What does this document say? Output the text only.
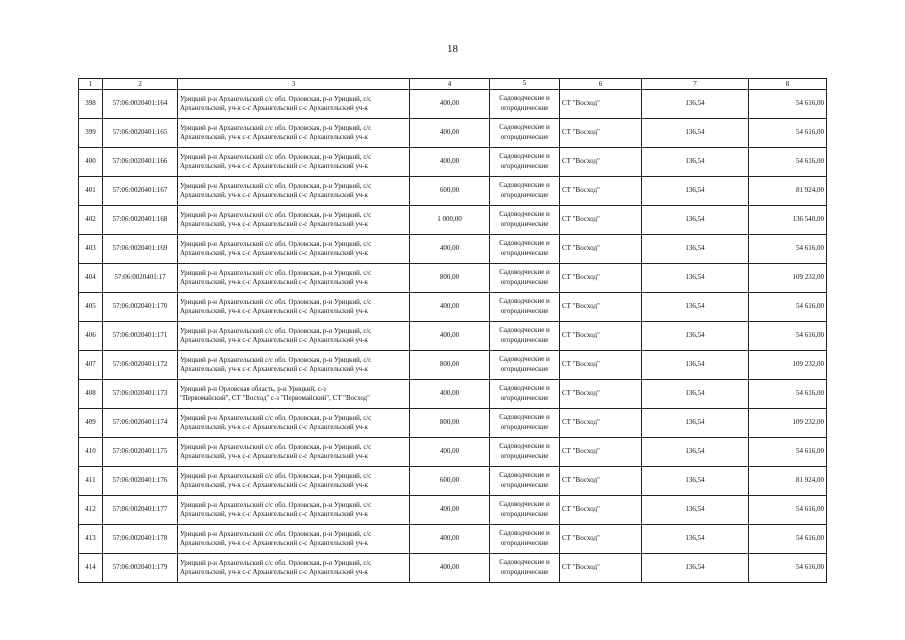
18
1	2	3	4	5	6	7	8
398	57:06:0020401:164	Урицкий р-н Архангельский с/с обл. Орловская, р-н Урицкий, с/с
Архангельский, уч-к с-с Архангельский с-с Архангельский уч-к	400,00	Садоводческие и огороднические	СТ "Восход"	136,54	54 616,00
399	57:06:0020401:165	Урицкий р-н Архангельский с/с обл. Орловская, р-н Урицкий, с/с
Архангельский, уч-к с-с Архангельский с-с Архангельский уч-к	400,00	Садоводческие и огороднические	СТ "Восход"	136,54	54 616,00
400	57:06:0020401:166	Урицкий р-н Архангельский с/с обл. Орловская, р-н Урицкий, с/с
Архангельский, уч-к с-с Архангельский с-с Архангельский уч-к	400,00	Садоводческие и огороднические	СТ "Восход"	136,54	54 616,00
401	57:06:0020401:167	Урицкий р-н Архангельский с/с обл. Орловская, р-н Урицкий, с/с
Архангельский, уч-к с-с Архангельский с-с Архангельский уч-к	600,00	Садоводческие и огороднические	СТ "Восход"	136,54	81 924,00
402	57:06:0020401:168	Урицкий р-н Архангельский с/с обл. Орловская, р-н Урицкий, с/с
Архангельский, уч-к с-с Архангельский с-с Архангельский уч-к	1 000,00	Садоводческие и огороднические	СТ "Восход"	136,54	136 540,00
403	57:06:0020401:169	Урицкий р-н Архангельский с/с обл. Орловская, р-н Урицкий, с/с
Архангельский, уч-к с-с Архангельский с-с Архангельский уч-к	400,00	Садоводческие и огороднические	СТ "Восход"	136,54	54 616,00
404	57:06:0020401:17	Урицкий р-н Архангельский с/с обл. Орловская, р-н Урицкий, с/с
Архангельский, уч-к с-с Архангельский с-с Архангельский уч-к	800,00	Садоводческие и огороднические	СТ "Восход"	136,54	109 232,00
405	57:06:0020401:170	Урицкий р-н Архангельский с/с обл. Орловская, р-н Урицкий, с/с
Архангельский, уч-к с-с Архангельский с-с Архангельский уч-к	400,00	Садоводческие и огороднические	СТ "Восход"	136,54	54 616,00
406	57:06:0020401:171	Урицкий р-н Архангельский с/с обл. Орловская, р-н Урицкий, с/с
Архангельский, уч-к с-с Архангельский с-с Архангельский уч-к	400,00	Садоводческие и огороднические	СТ "Восход"	136,54	54 616,00
407	57:06:0020401:172	Урицкий р-н Архангельский с/с обл. Орловская, р-н Урицкий, с/с
Архангельский, уч-к с-с Архангельский с-с Архангельский уч-к	800,00	Садоводческие и огороднические	СТ "Восход"	136,54	109 232,00
408	57:06:0020401:173	Урицкий р-н Орловская область, р-н Урицкий, с-з
"Первомайский", СТ "Восход" с-з "Первомайский", СТ "Восход"	400,00	Садоводческие и огороднические	СТ "Восход"	136,54	54 616,00
409	57:06:0020401:174	Урицкий р-н Архангельский с/с обл. Орловская, р-н Урицкий, с/с
Архангельский, уч-к с-с Архангельский с-с Архангельский уч-к	800,00	Садоводческие и огороднические	СТ "Восход"	136,54	109 232,00
410	57:06:0020401:175	Урицкий р-н Архангельский с/с обл. Орловская, р-н Урицкий, с/с
Архангельский, уч-к с-с Архангельский с-с Архангельский уч-к	400,00	Садоводческие и огороднические	СТ "Восход"	136,54	54 616,00
411	57:06:0020401:176	Урицкий р-н Архангельский с/с обл. Орловская, р-н Урицкий, с/с
Архангельский, уч-к с-с Архангельский с-с Архангельский уч-к	600,00	Садоводческие и огороднические	СТ "Восход"	136,54	81 924,00
412	57:06:0020401:177	Урицкий р-н Архангельский с/с обл. Орловская, р-н Урицкий, с/с
Архангельский, уч-к с-с Архангельский с-с Архангельский уч-к	400,00	Садоводческие и огороднические	СТ "Восход"	136,54	54 616,00
413	57:06:0020401:178	Урицкий р-н Архангельский с/с обл. Орловская, р-н Урицкий, с/с
Архангельский, уч-к с-с Архангельский с-с Архангельский уч-к	400,00	Садоводческие и огороднические	СТ "Восход"	136,54	54 616,00
414	57:06:0020401:179	Урицкий р-н Архангельский с/с обл. Орловская, р-н Урицкий, с/с
Архангельский, уч-к с-с Архангельский с-с Архангельский уч-к	400,00	Садоводческие и огороднические	СТ "Восход"	136,54	54 616,00
